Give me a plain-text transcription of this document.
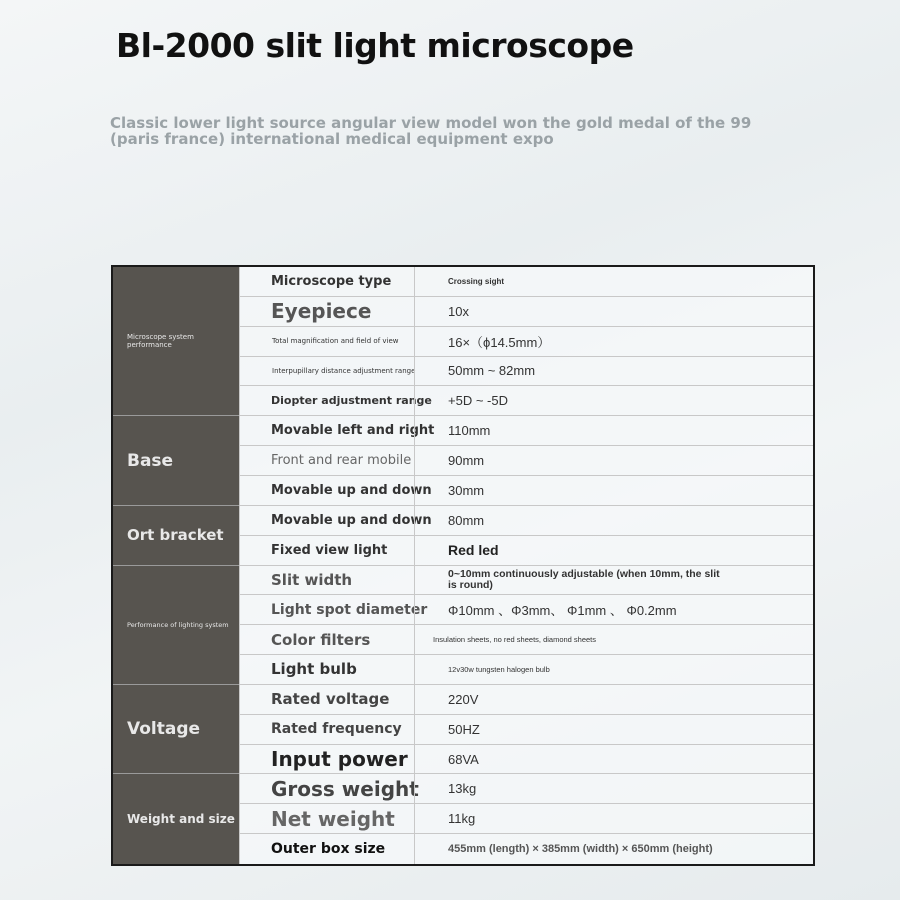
Bl-2000 slit light microscope
Classic lower light source angular view model won the gold medal of the 99 (paris france) international medical equipment expo
Microscope system performance
Microscope type	Crossing sight
Eyepiece	10x
Total magnification and field of view	16×（ϕ14.5mm）
Interpupillary distance adjustment range	50mm ~ 82mm
Diopter adjustment range	+5D ~ -5D
Base
Movable left and right	110mm
Front and rear mobile	90mm
Movable up and down	30mm
Ort bracket
Movable up and down	80mm
Fixed view light	Red led
Performance of lighting system
Slit width	0~10mm continuously adjustable (when 10mm, the slit is round)
Light spot diameter	Φ10mm 、Φ3mm、 Φ1mm 、 Φ0.2mm
Color filters	Insulation sheets, no red sheets, diamond sheets
Light bulb	12v30w tungsten halogen bulb
Voltage
Rated voltage	220V
Rated frequency	50HZ
Input power	68VA
Weight and size
Gross weight	13kg
Net weight	11kg
Outer box size	455mm (length) × 385mm (width) × 650mm (height)
